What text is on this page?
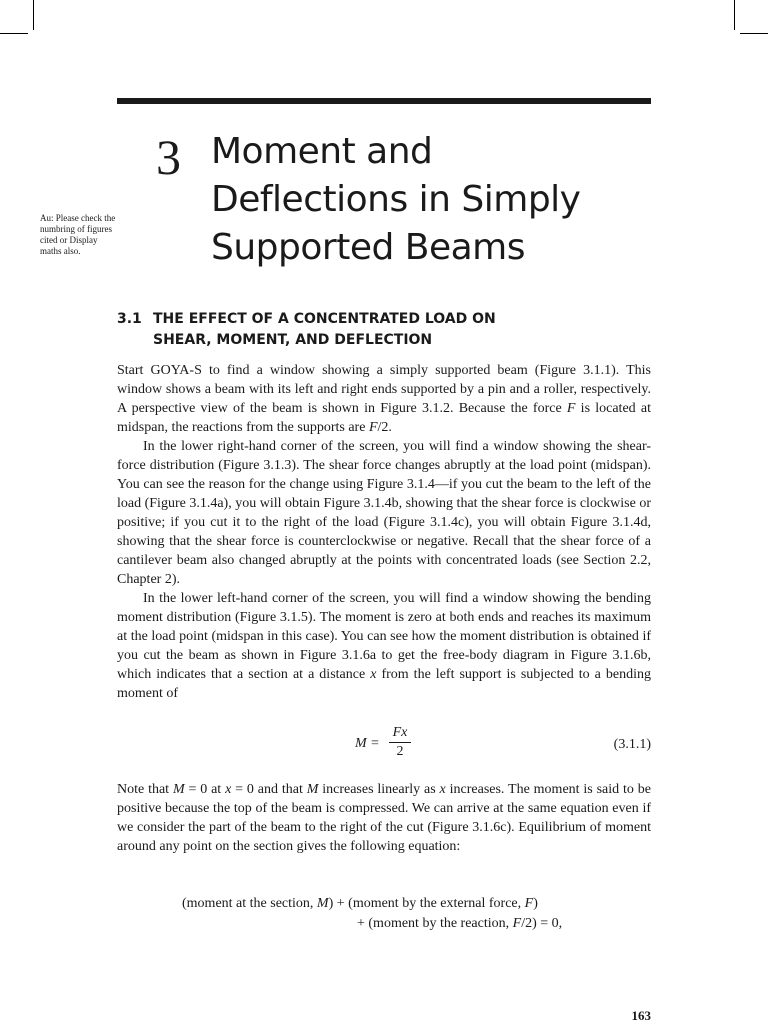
3 Moment and
Deflections in Simply
Supported Beams
Au: Please check the numbring of figures cited or Display maths also.
3.1 THE EFFECT OF A CONCENTRATED LOAD ON
SHEAR, MOMENT, AND DEFLECTION

Start GOYA-S to find a window showing a simply supported beam (Figure 3.1.1). This window shows a beam with its left and right ends supported by a pin and a roller, respectively. A perspective view of the beam is shown in Figure 3.1.2. Because the force F is located at midspan, the reactions from the supports are F/2.

In the lower right-hand corner of the screen, you will find a window showing the shear-force distribution (Figure 3.1.3). The shear force changes abruptly at the load point (midspan). You can see the reason for the change using Figure 3.1.4—if you cut the beam to the left of the load (Figure 3.1.4a), you will obtain Figure 3.1.4b, showing that the shear force is clockwise or positive; if you cut it to the right of the load (Figure 3.1.4c), you will obtain Figure 3.1.4d, showing that the shear force is counterclockwise or negative. Recall that the shear force of a cantilever beam also changed abruptly at the points with concentrated loads (see Section 2.2, Chapter 2).

In the lower left-hand corner of the screen, you will find a window showing the bending moment distribution (Figure 3.1.5). The moment is zero at both ends and reaches its maximum at the load point (midspan in this case). You can see how the moment distribution is obtained if you cut the beam as shown in Figure 3.1.6a to get the free-body diagram in Figure 3.1.6b, which indicates that a section at a distance x from the left support is subjected to a bending moment of

M =
Fx
2	(3.1.1)

Note that M = 0 at x = 0 and that M increases linearly as x increases. The moment is said to be positive because the top of the beam is compressed. We can arrive at the same equation even if we consider the part of the beam to the right of the cut (Figure 3.1.6c). Equilibrium of moment around any point on the section gives the following equation:

(moment at the section, M) + (moment by the external force, F)
+ (moment by the reaction, F/2) = 0,
163
